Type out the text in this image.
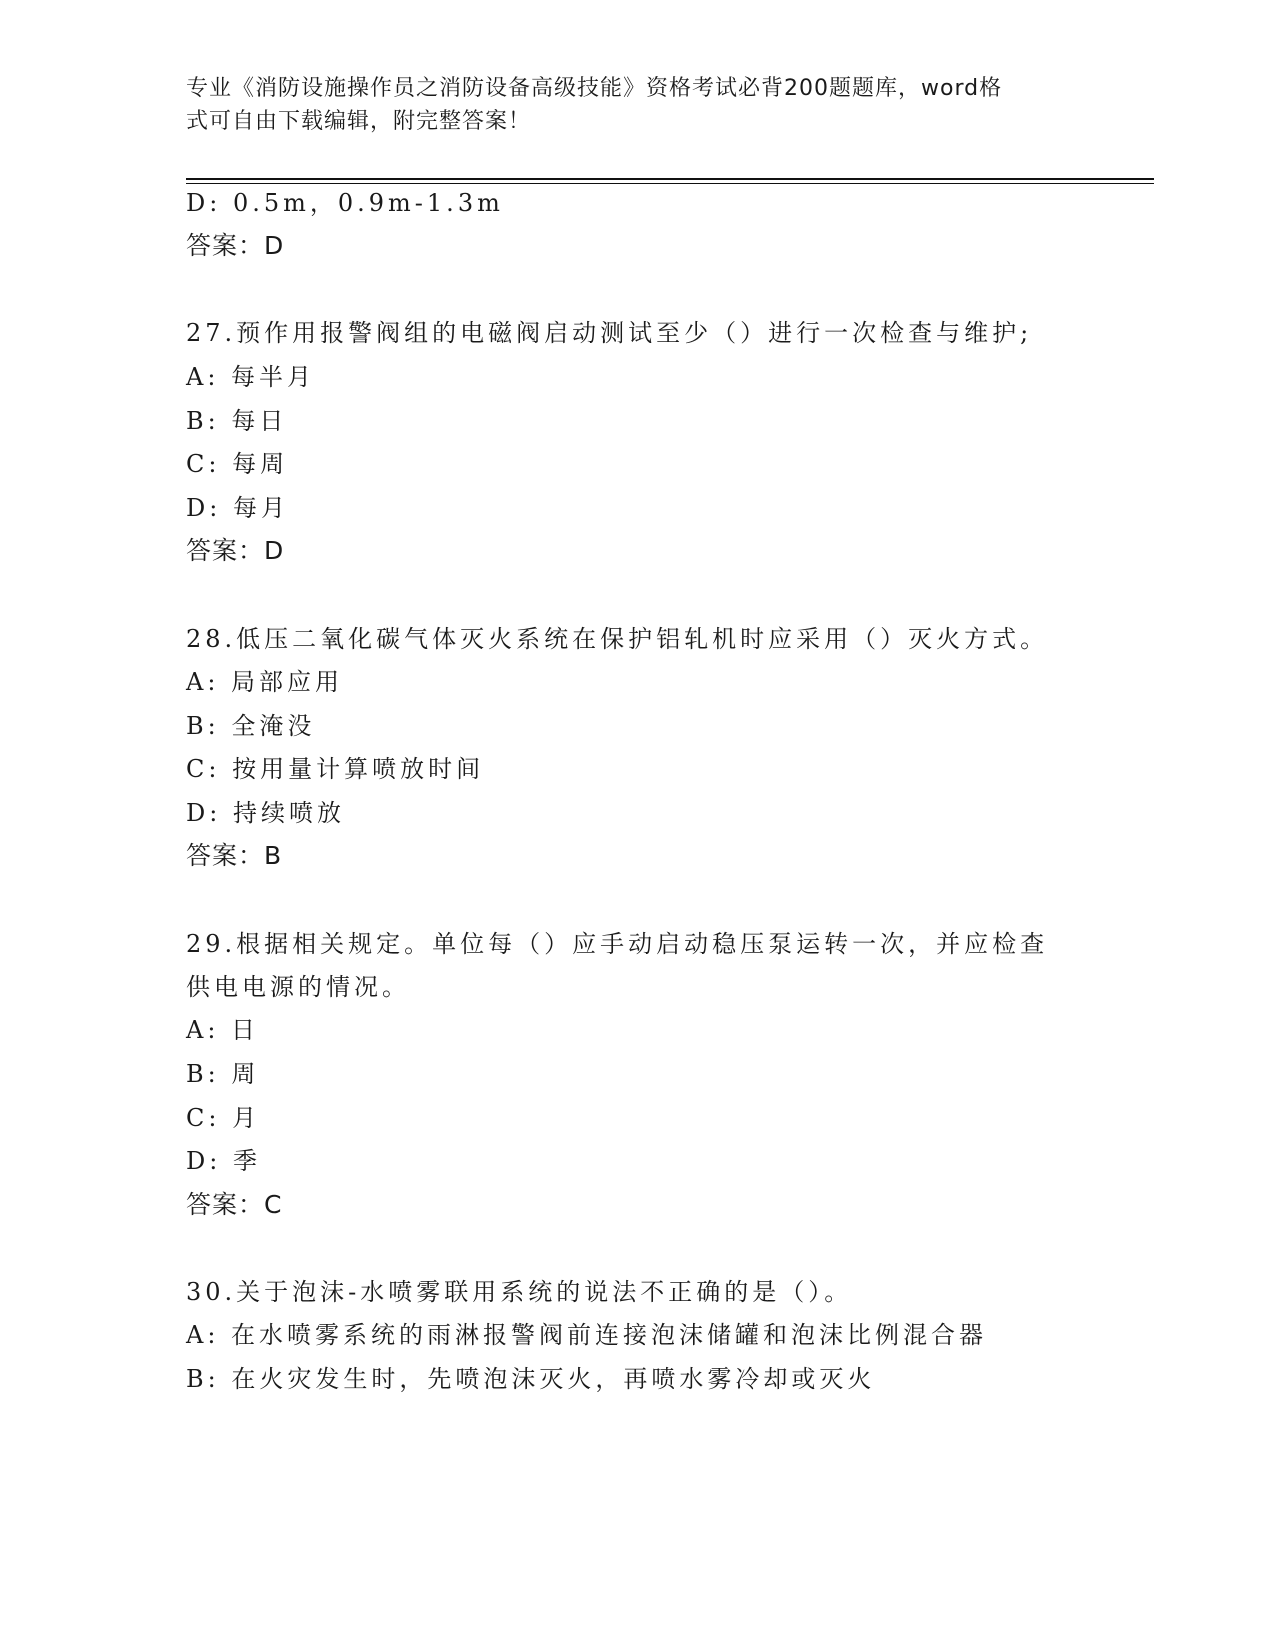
专业《消防设施操作员之消防设备高级技能》资格考试必背200题题库，word格
式可自由下载编辑，附完整答案！
D: 0.5m，0.9m-1.3m
答案：D
27.预作用报警阀组的电磁阀启动测试至少（）进行一次检查与维护;
A: 每半月
B: 每日
C: 每周
D: 每月
答案：D
28.低压二氧化碳气体灭火系统在保护铝轧机时应采用（）灭火方式。
A: 局部应用
B: 全淹没
C: 按用量计算喷放时间
D: 持续喷放
答案：B
29.根据相关规定。单位每（）应手动启动稳压泵运转一次，并应检查
供电电源的情况。
A: 日
B: 周
C: 月
D: 季
答案：C
30.关于泡沫-水喷雾联用系统的说法不正确的是（）。
A: 在水喷雾系统的雨淋报警阀前连接泡沫储罐和泡沫比例混合器
B: 在火灾发生时，先喷泡沫灭火，再喷水雾冷却或灭火
